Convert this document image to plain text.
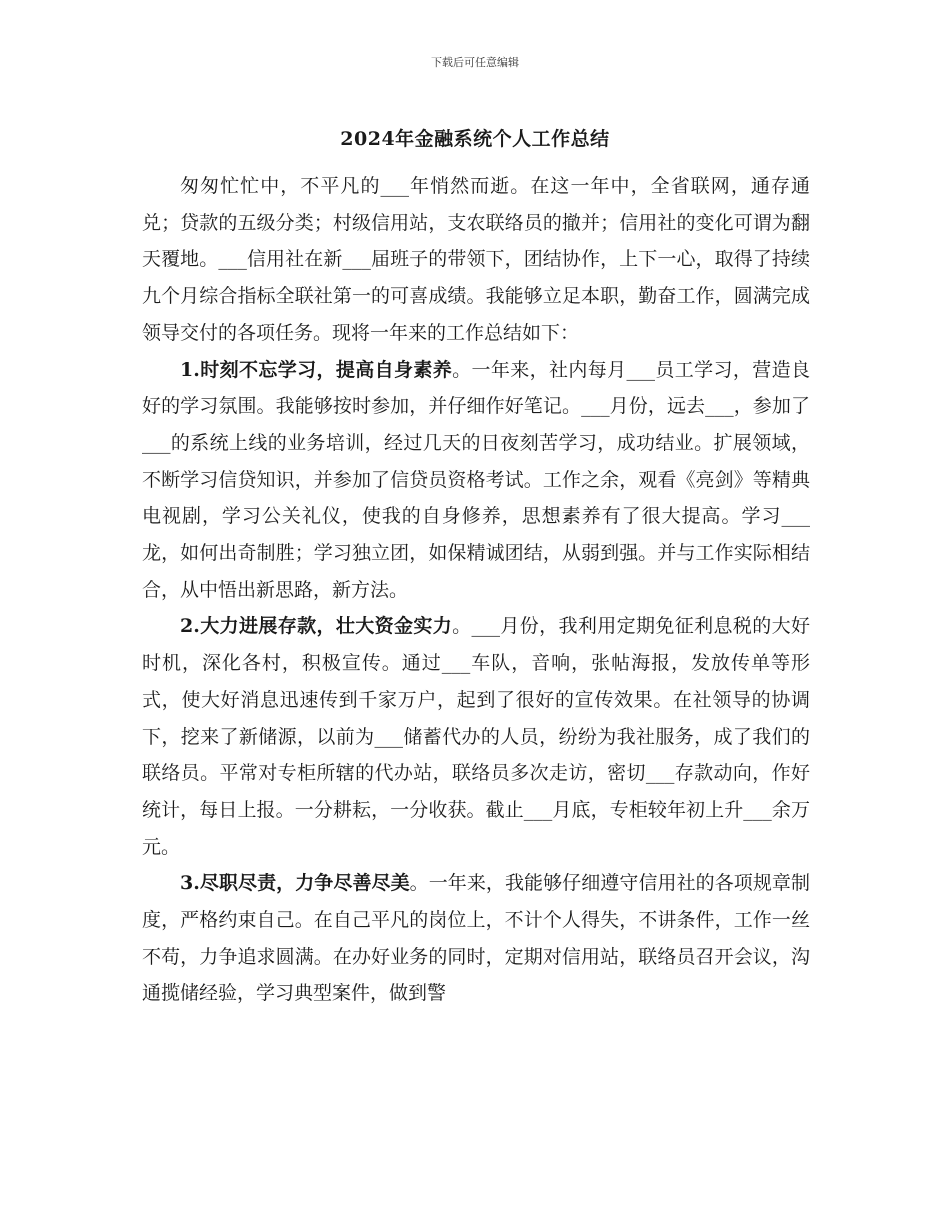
下载后可任意编辑
2024年金融系统个人工作总结

匆匆忙忙中，不平凡的___年悄然而逝。在这一年中，全省联网，通存通兑；贷款的五级分类；村级信用站，支农联络员的撤并；信用社的变化可谓为翻天覆地。___信用社在新___届班子的带领下，团结协作，上下一心，取得了持续九个月综合指标全联社第一的可喜成绩。我能够立足本职，勤奋工作，圆满完成领导交付的各项任务。现将一年来的工作总结如下：

1.时刻不忘学习，提高自身素养。一年来，社内每月___员工学习，营造良好的学习氛围。我能够按时参加，并仔细作好笔记。___月份，远去___，参加了___的系统上线的业务培训，经过几天的日夜刻苦学习，成功结业。扩展领域，不断学习信贷知识，并参加了信贷员资格考试。工作之余，观看《亮剑》等精典电视剧，学习公关礼仪，使我的自身修养，思想素养有了很大提高。学习___龙，如何出奇制胜；学习独立团，如保精诚团结，从弱到强。并与工作实际相结合，从中悟出新思路，新方法。

2.大力进展存款，壮大资金实力。___月份，我利用定期免征利息税的大好时机，深化各村，积极宣传。通过___车队，音响，张帖海报，发放传单等形式，使大好消息迅速传到千家万户，起到了很好的宣传效果。在社领导的协调下，挖来了新储源，以前为___储蓄代办的人员，纷纷为我社服务，成了我们的联络员。平常对专柜所辖的代办站，联络员多次走访，密切___存款动向，作好统计，每日上报。一分耕耘，一分收获。截止___月底，专柜较年初上升___余万元。

3.尽职尽责，力争尽善尽美。一年来，我能够仔细遵守信用社的各项规章制度，严格约束自己。在自己平凡的岗位上，不计个人得失，不讲条件，工作一丝不苟，力争追求圆满。在办好业务的同时，定期对信用站，联络员召开会议，沟通揽储经验，学习典型案件，做到警
